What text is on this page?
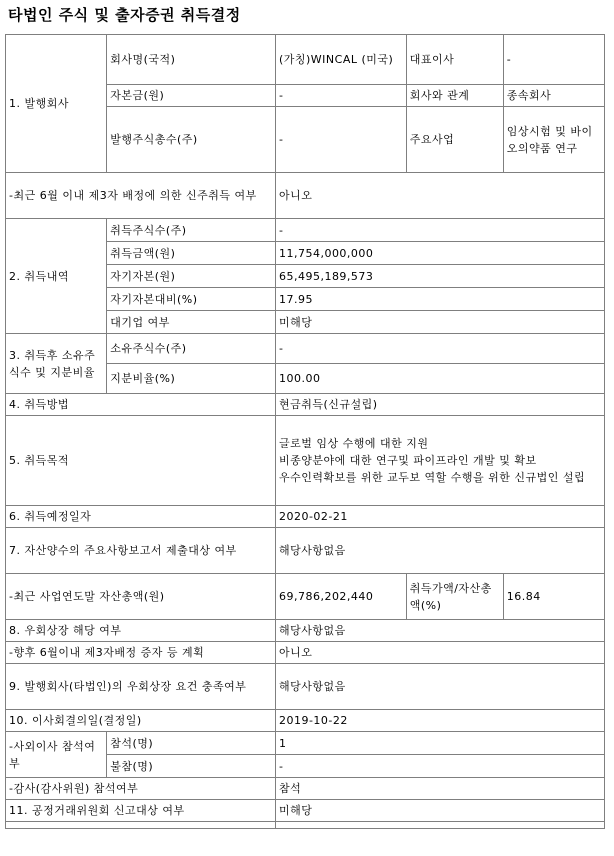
타법인 주식 및 출자증권 취득결정
1. 발행회사	회사명(국적)	(가칭)WINCAL (미국)	대표이사	-
	자본금(원)	-	회사와 관계	종속회사
	발행주식총수(주)	-	주요사업	임상시험 및 바이오의약품 연구
-최근 6월 이내 제3자 배정에 의한 신주취득 여부		아니오		
2. 취득내역	취득주식수(주)	-		
	취득금액(원)	11,754,000,000		
	자기자본(원)	65,495,189,573		
	자기자본대비(%)	17.95		
	대기업 여부	미해당		
3. 취득후 소유주식수 및 지분비율	소유주식수(주)	-		
	지분비율(%)	100.00		
4. 취득방법		현금취득(신규설립)		
5. 취득목적		글로벌 임상 수행에 대한 지원
비종양분야에 대한 연구및 파이프라인 개발 및 확보
우수인력확보를 위한 교두보 역할 수행을 위한 신규법인 설립		

6. 취득예정일자		2020-02-21		
7. 자산양수의 주요사항보고서 제출대상 여부		해당사항없음		
-최근 사업연도말 자산총액(원)		69,786,202,440	취득가액/자산총액(%)	16.84
8. 우회상장 해당 여부		해당사항없음		
-향후 6월이내 제3자배정 증자 등 계획		아니오		
9. 발행회사(타법인)의 우회상장 요건 충족여부		해당사항없음		
10. 이사회결의일(결정일)		2019-10-22		
-사외이사 참석여부	참석(명)	1		
	불참(명)	-		
-감사(감사위원) 참석여부		참석		
11. 공정거래위원회 신고대상 여부		미해당		
